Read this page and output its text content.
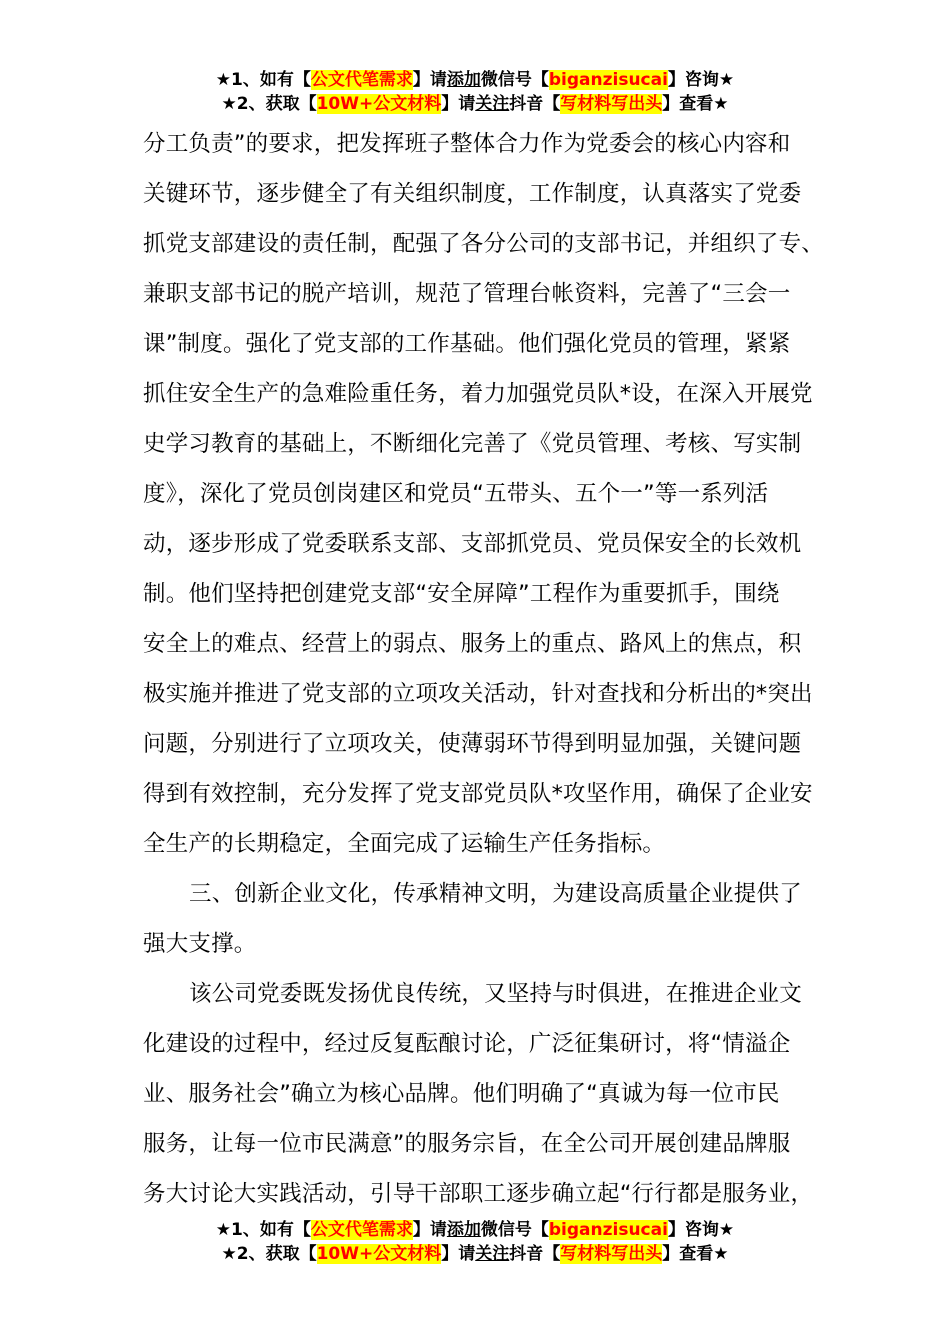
★1、如有【公文代笔需求】请添加微信号【biganzisucai】咨询★
★2、获取【10W+公文材料】请关注抖音【写材料写出头】查看★
分工负责”的要求，把发挥班子整体合力作为党委会的核心内容和
关键环节，逐步健全了有关组织制度，工作制度，认真落实了党委
抓党支部建设的责任制，配强了各分公司的支部书记，并组织了专、
兼职支部书记的脱产培训，规范了管理台帐资料，完善了“三会一
课”制度。强化了党支部的工作基础。他们强化党员的管理，紧紧
抓住安全生产的急难险重任务，着力加强党员队*设，在深入开展党
史学习教育的基础上，不断细化完善了《党员管理、考核、写实制
度》，深化了党员创岗建区和党员“五带头、五个一”等一系列活
动，逐步形成了党委联系支部、支部抓党员、党员保安全的长效机
制。他们坚持把创建党支部“安全屏障”工程作为重要抓手，围绕
安全上的难点、经营上的弱点、服务上的重点、路风上的焦点，积
极实施并推进了党支部的立项攻关活动，针对查找和分析出的*突出
问题，分别进行了立项攻关，使薄弱环节得到明显加强，关键问题
得到有效控制，充分发挥了党支部党员队*攻坚作用，确保了企业安
全生产的长期稳定，全面完成了运输生产任务指标。
三、创新企业文化，传承精神文明，为建设高质量企业提供了
强大支撑。
该公司党委既发扬优良传统，又坚持与时俱进，在推进企业文
化建设的过程中，经过反复酝酿讨论，广泛征集研讨，将“情溢企
业、服务社会”确立为核心品牌。他们明确了“真诚为每一位市民
服务，让每一位市民满意”的服务宗旨，在全公司开展创建品牌服
务大讨论大实践活动，引导干部职工逐步确立起“行行都是服务业，
★1、如有【公文代笔需求】请添加微信号【biganzisucai】咨询★
★2、获取【10W+公文材料】请关注抖音【写材料写出头】查看★
